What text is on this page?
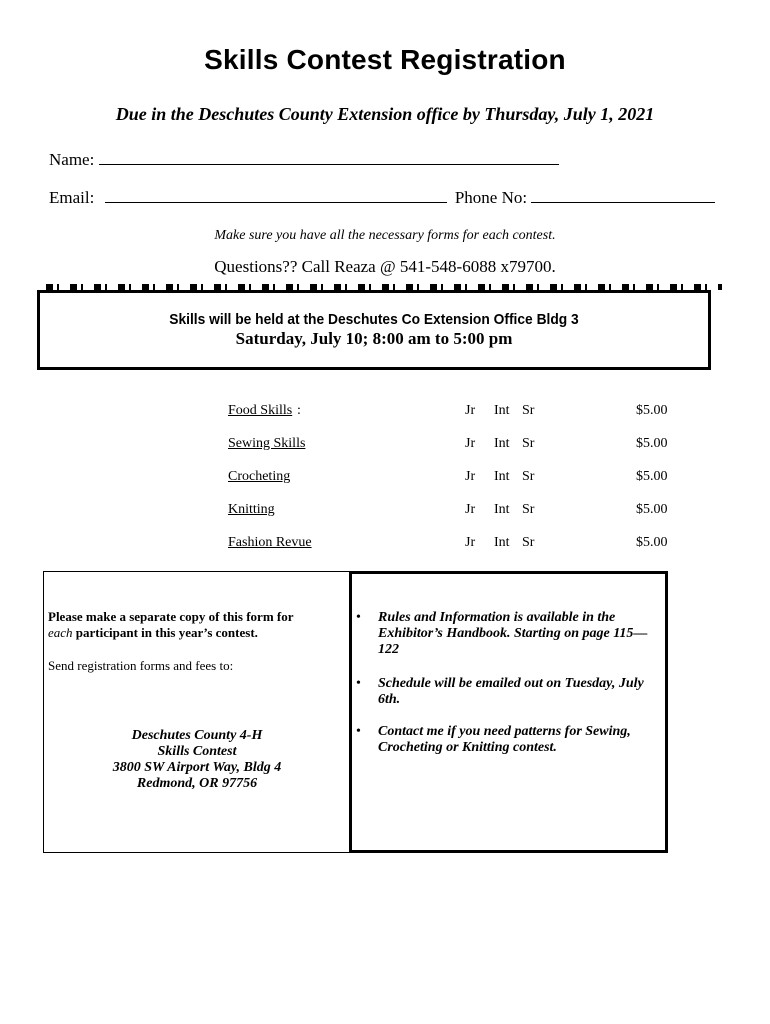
Skills Contest Registration
Due in the Deschutes County Extension office by Thursday, July 1, 2021
Name:
Email:	Phone No:
Make sure you have all the necessary forms for each contest.
Questions?? Call Reaza @ 541-548-6088 x79700.
Skills will be held at the Deschutes Co Extension Office Bldg 3
Saturday, July 10; 8:00 am to 5:00 pm
Food Skills :	Jr Int Sr	$5.00
Sewing Skills	Jr Int Sr	$5.00
Crocheting	Jr Int Sr	$5.00
Knitting	Jr Int Sr	$5.00
Fashion Revue	Jr Int Sr	$5.00
Please make a separate copy of this form for
each participant in this year’s contest.
Send registration forms and fees to:
Deschutes County 4-H
Skills Contest
3800 SW Airport Way, Bldg 4
Redmond, OR 97756
• Rules and Information is available in the Exhibitor’s Handbook. Starting on page 115—122
• Schedule will be emailed out on Tuesday, July 6th.
• Contact me if you need patterns for Sewing, Crocheting or Knitting contest.
